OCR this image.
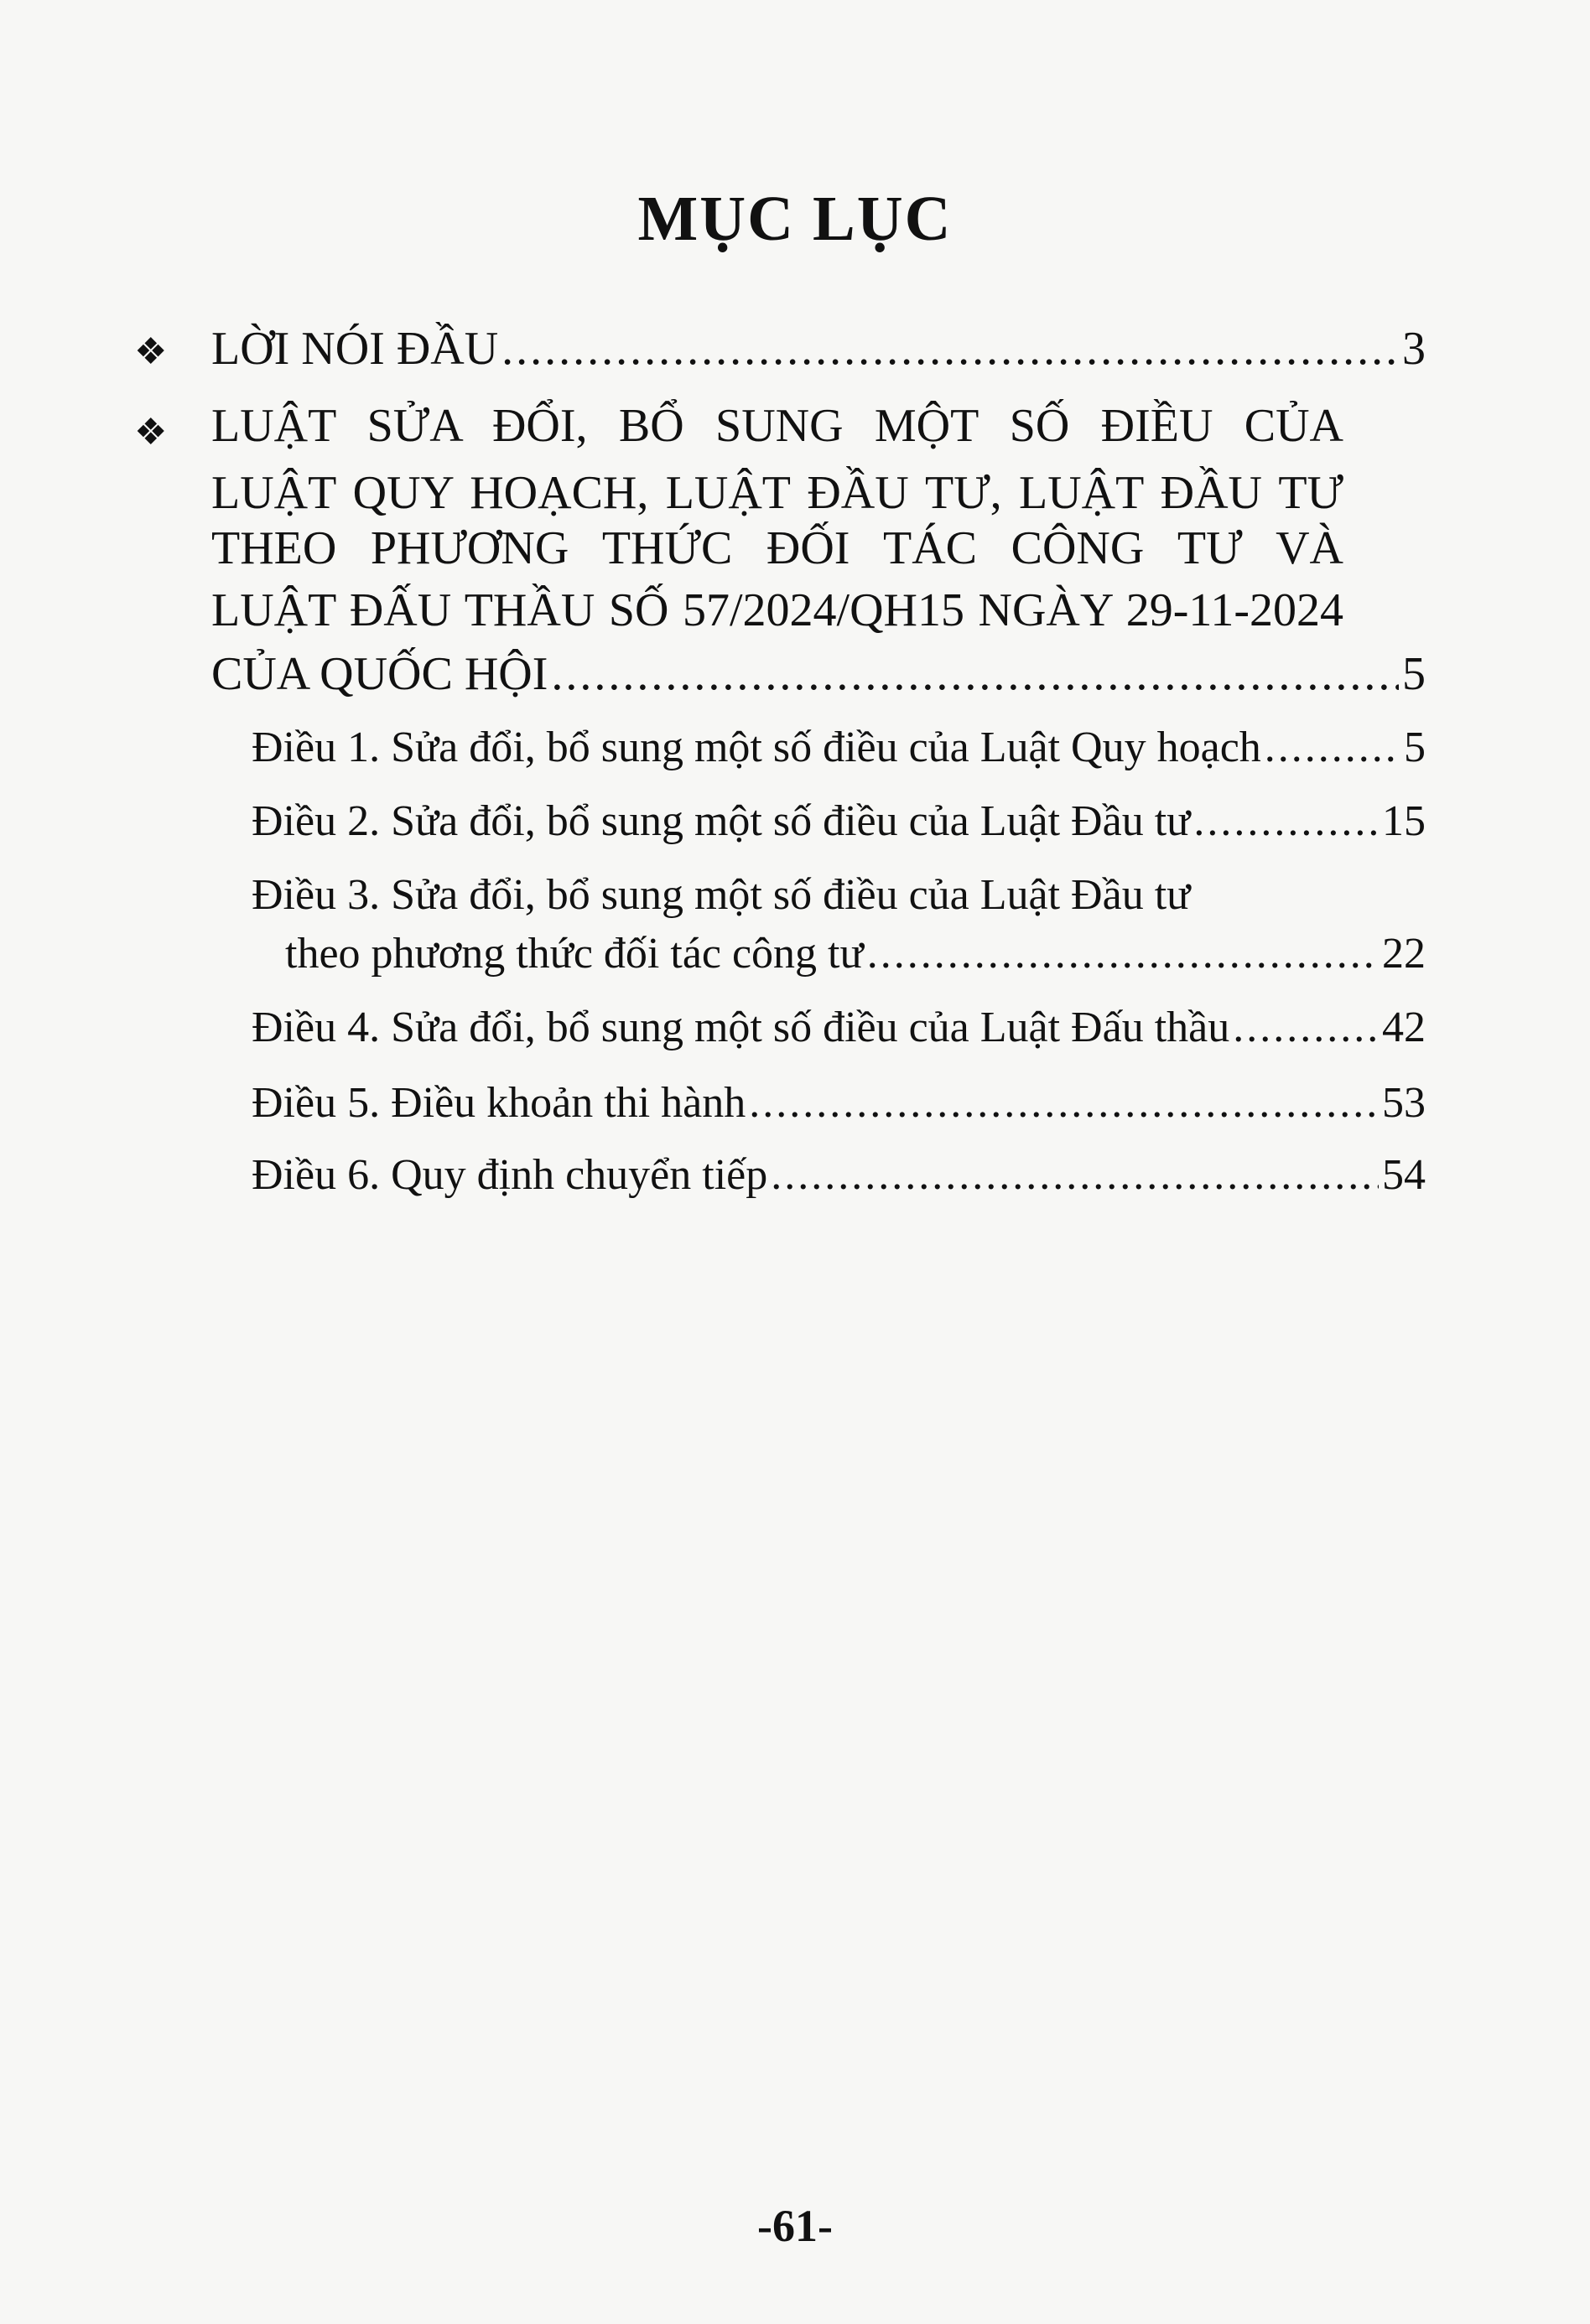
MỤC LỤC
❖ LỜI NÓI ĐẦU .....	3
❖ LUẬT SỬA ĐỔI, BỔ SUNG MỘT SỐ ĐIỀU CỦA
LUẬT QUY HOẠCH, LUẬT ĐẦU TƯ, LUẬT ĐẦU TƯ
THEO PHƯƠNG THỨC ĐỐI TÁC CÔNG TƯ VÀ
LUẬT ĐẤU THẦU SỐ 57/2024/QH15 NGÀY 29-11-2024
CỦA QUỐC HỘI .....	5
Điều 1. Sửa đổi, bổ sung một số điều của Luật Quy hoạch .....	5
Điều 2. Sửa đổi, bổ sung một số điều của Luật Đầu tư .....	15
Điều 3. Sửa đổi, bổ sung một số điều của Luật Đầu tư
theo phương thức đối tác công tư .....	22
Điều 4. Sửa đổi, bổ sung một số điều của Luật Đấu thầu .....	42
Điều 5. Điều khoản thi hành .....	53
Điều 6. Quy định chuyển tiếp .....	54
-61-
